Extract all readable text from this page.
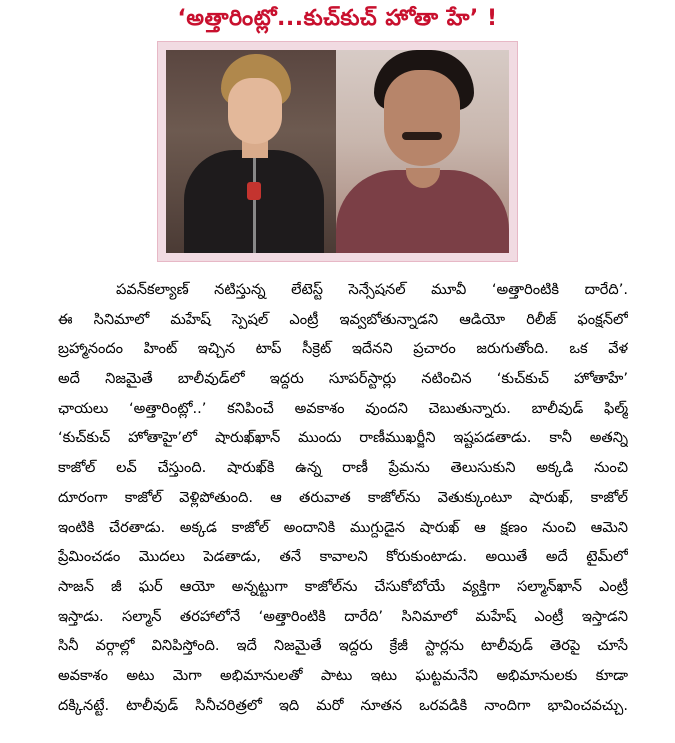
‘అత్తారింట్లో...కుచ్‌కుచ్‌ హోతా హే’ !
పవన్‌కల్యాణ్‌ నటిస్తున్న లేటెస్ట్‌ సెన్సేషనల్‌ మూవీ ‘అత్తారింటికి దారేది’.
ఈ సినిమాలో మహేష్‌ స్పెషల్‌ ఎంట్రీ ఇవ్వబోతున్నాడని ఆడియో రిలీజ్‌ ఫంక్షన్‌లో
బ్రహ్మానందం హింట్‌ ఇచ్చిన టాప్‌ సీక్రెట్‌ ఇదేనని ప్రచారం జరుగుతోంది. ఒక వేళ
అదే నిజమైతే బాలీవుడ్‌లో ఇద్దరు సూపర్‌స్టార్లు నటించిన ‘కుచ్‌కుచ్‌ హోతాహే’
ఛాయలు ‘అత్తారింట్లో..’ కనిపించే అవకాశం వుందని చెబుతున్నారు. బాలీవుడ్‌ ఫిల్మ్‌
‘కుచ్‌కుచ్‌ హోతాహై’లో షారుఖ్‌ఖాన్‌ ముందు రాణీముఖర్జీని ఇష్టపడతాడు. కానీ అతన్ని
కాజోల్‌ లవ్‌ చేస్తుంది. షారుఖ్‌కి ఉన్న రాణీ ప్రేమను తెలుసుకుని అక్కడి నుంచి
దూరంగా కాజోల్‌ వెళ్లిపోతుంది. ఆ తరువాత కాజోల్‌ను వెతుక్కుంటూ షారుఖ్‌, కాజోల్‌
ఇంటికి చేరతాడు. అక్కడ కాజోల్‌ అందానికి ముగ్దుడైన షారుఖ్‌ ఆ క్షణం నుంచి ఆమెని
ప్రేమించడం మొదలు పెడతాడు, తనే కావాలని కోరుకుంటాడు. అయితే అదే టైమ్‌లో
సాజన్‌ జీ ఘర్‌ ఆయో అన్నట్టుగా కాజోల్‌ను చేసుకోబోయే వ్యక్తిగా సల్మాన్‌ఖాన్‌ ఎంట్రీ
ఇస్తాడు. సల్మాన్‌ తరహాలోనే ‘అత్తారింటికి దారేది’ సినిమాలో మహేష్‌ ఎంట్రీ ఇస్తాడని
సినీ వర్గాల్లో వినిపిస్తోంది. ఇదే నిజమైతే ఇద్దరు క్రేజీ స్టార్లను టాలీవుడ్‌ తెరపై చూసే
అవకాశం అటు మెగా అభిమానులతో పాటు ఇటు ఘట్టమనేని అభిమానులకు కూడా
దక్కినట్టే. టాలీవుడ్‌ సినీచరిత్రలో ఇది మరో నూతన ఒరవడికి నాందిగా భావించవచ్చు.
